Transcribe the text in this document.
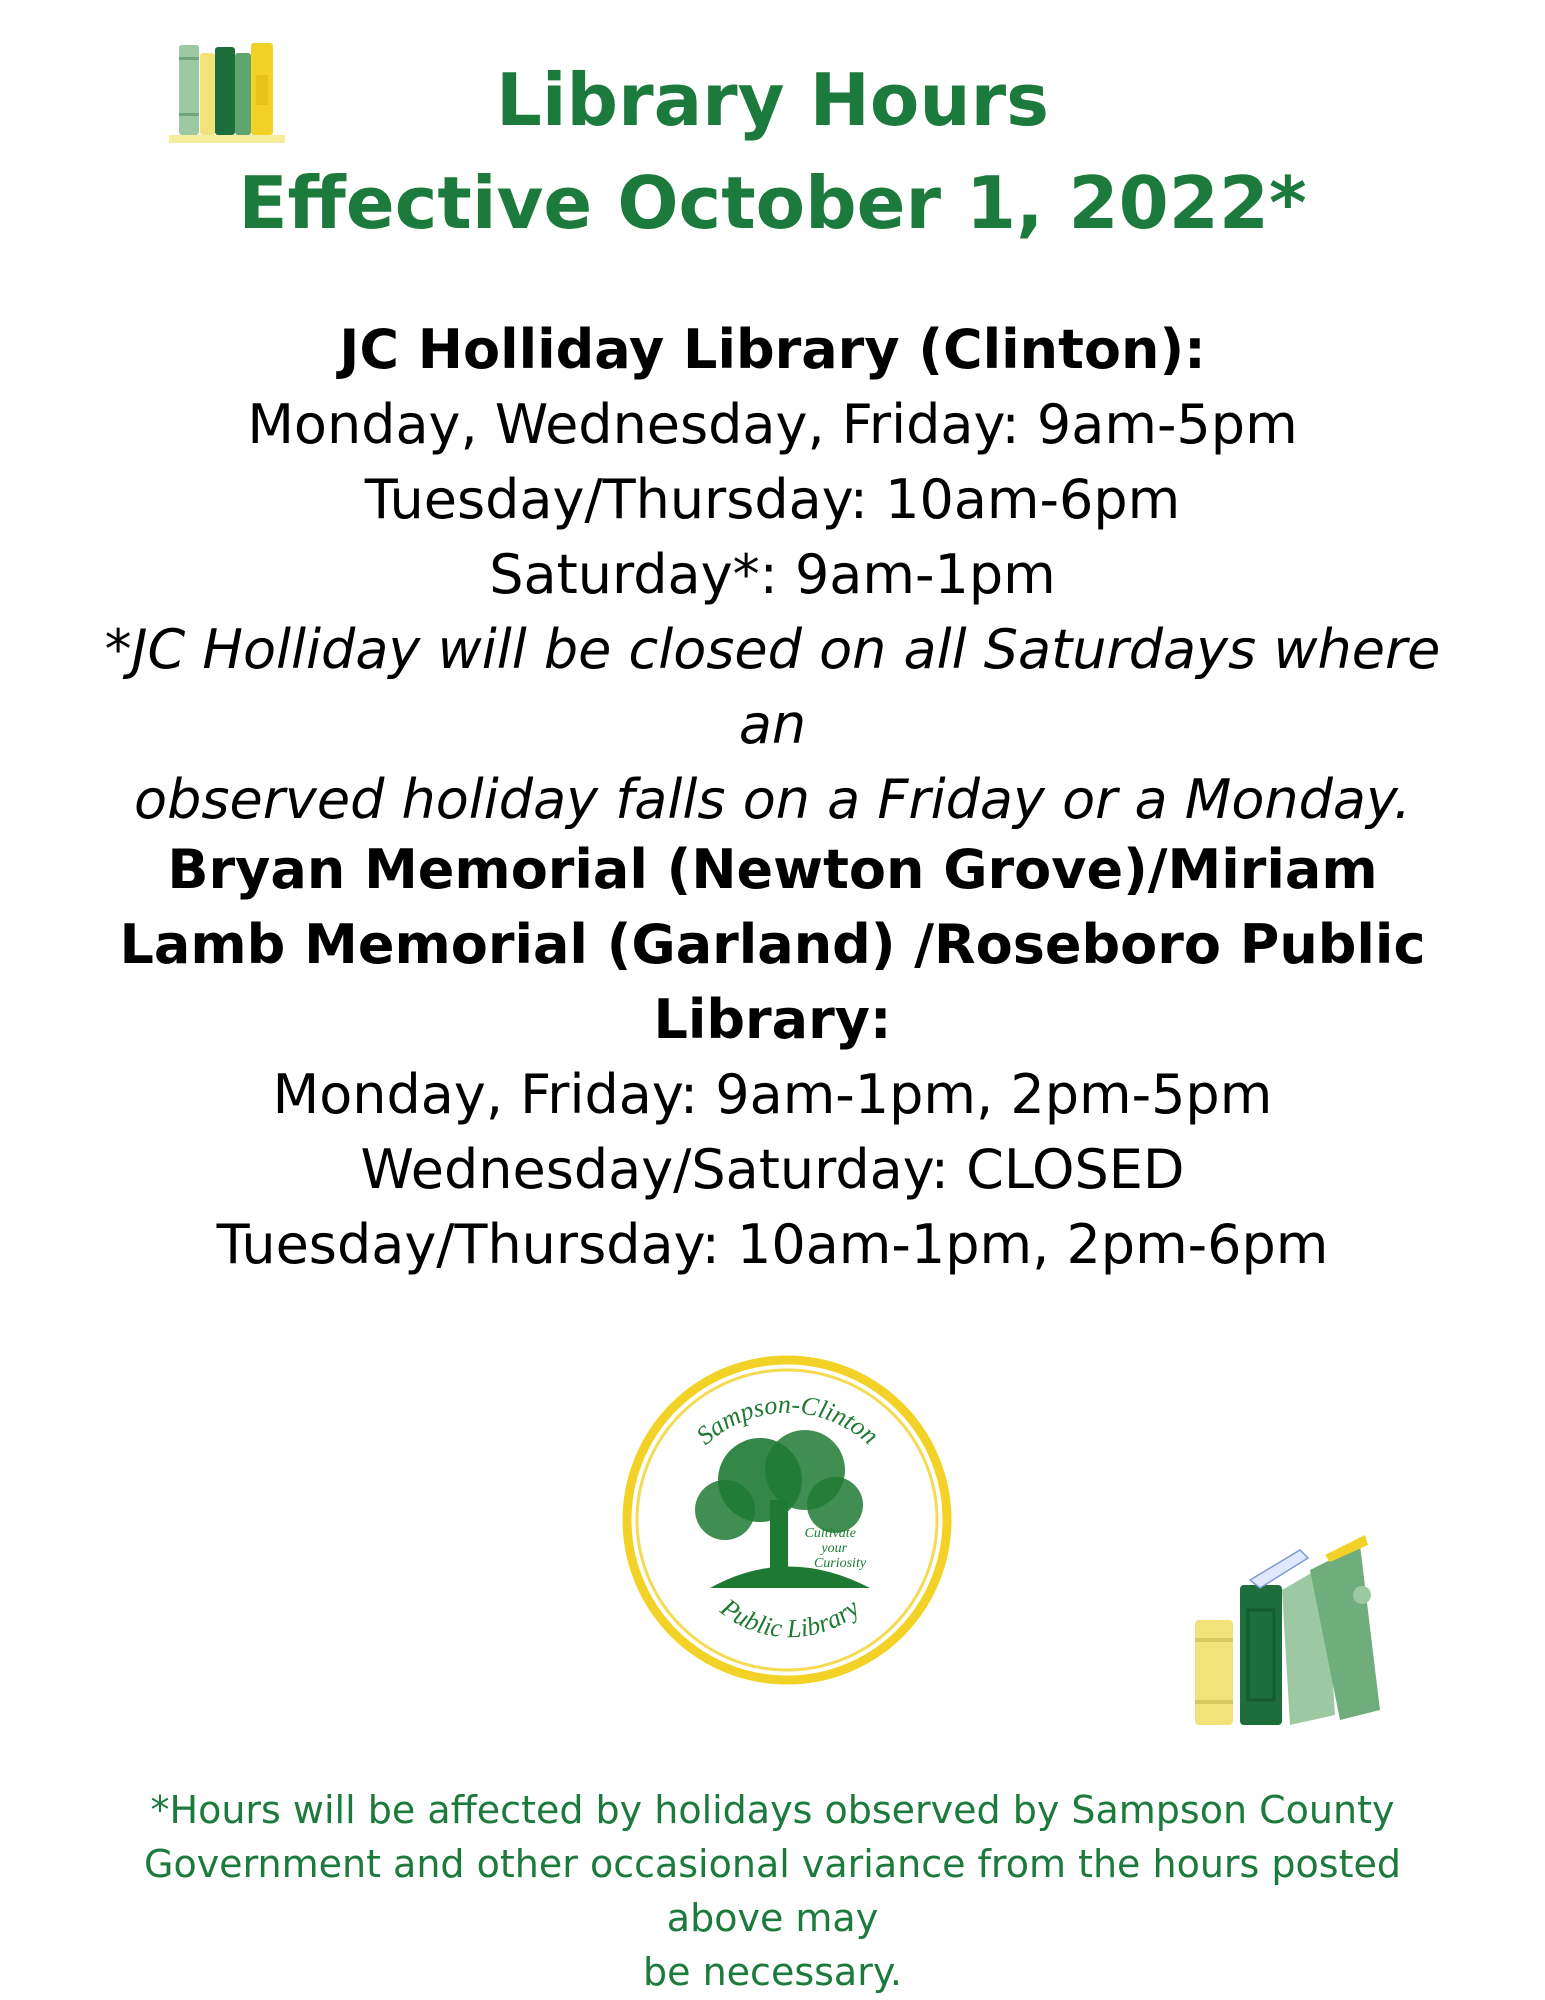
Library Hours
Effective October 1, 2022*
JC Holliday Library (Clinton):
Monday, Wednesday, Friday: 9am-5pm
Tuesday/Thursday: 10am-6pm
Saturday*: 9am-1pm
*JC Holliday will be closed on all Saturdays where an
observed holiday falls on a Friday or a Monday.
Bryan Memorial (Newton Grove)/Miriam
Lamb Memorial (Garland) /Roseboro Public
Library:
Monday, Friday: 9am-1pm, 2pm-5pm
Wednesday/Saturday: CLOSED
Tuesday/Thursday: 10am-1pm, 2pm-6pm
Sampson-Clinton
Public Library
Cultivate your Curiosity
*Hours will be affected by holidays observed by Sampson County
Government and other occasional variance from the hours posted above may
be necessary.
